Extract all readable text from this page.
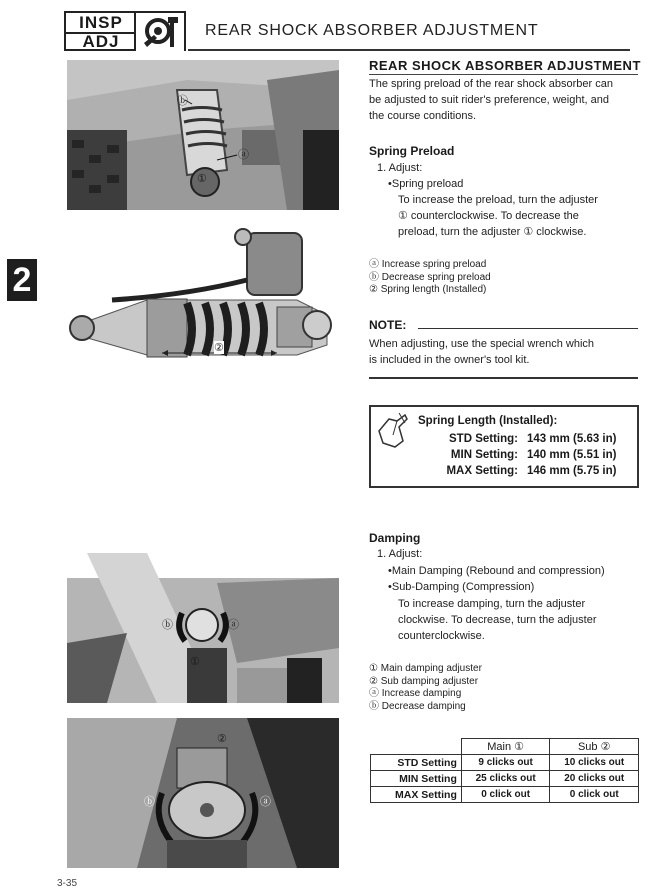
INSP
ADJ
REAR SHOCK ABSORBER ADJUSTMENT
2
ⓑ
ⓐ
①
②
ⓑ	ⓐ
①
②
ⓑ	ⓐ
REAR SHOCK ABSORBER ADJUSTMENT
The spring preload of the rear shock absorber can
be adjusted to suit rider's preference, weight, and
the course conditions.
Spring Preload
1. Adjust:
•Spring preload
To increase the preload, turn the adjuster
① counterclockwise. To decrease the
preload, turn the adjuster ① clockwise.
ⓐ Increase spring preload
ⓑ Decrease spring preload
② Spring length (Installed)
NOTE:
When adjusting, use the special wrench which
is included in the owner's tool kit.
Spring Length (Installed):
STD Setting: 143 mm (5.63 in)
MIN Setting: 140 mm (5.51 in)
MAX Setting: 146 mm (5.75 in)
Damping
1. Adjust:
•Main Damping (Rebound and compression)
•Sub-Damping (Compression)
To increase damping, turn the adjuster
clockwise. To decrease, turn the adjuster
counterclockwise.
① Main damping adjuster
② Sub damping adjuster
ⓐ Increase damping
ⓑ Decrease damping
	Main ①	Sub ②
STD Setting	9 clicks out	10 clicks out
MIN Setting	25 clicks out	20 clicks out
MAX Setting	0 click out	0 click out
3-35
